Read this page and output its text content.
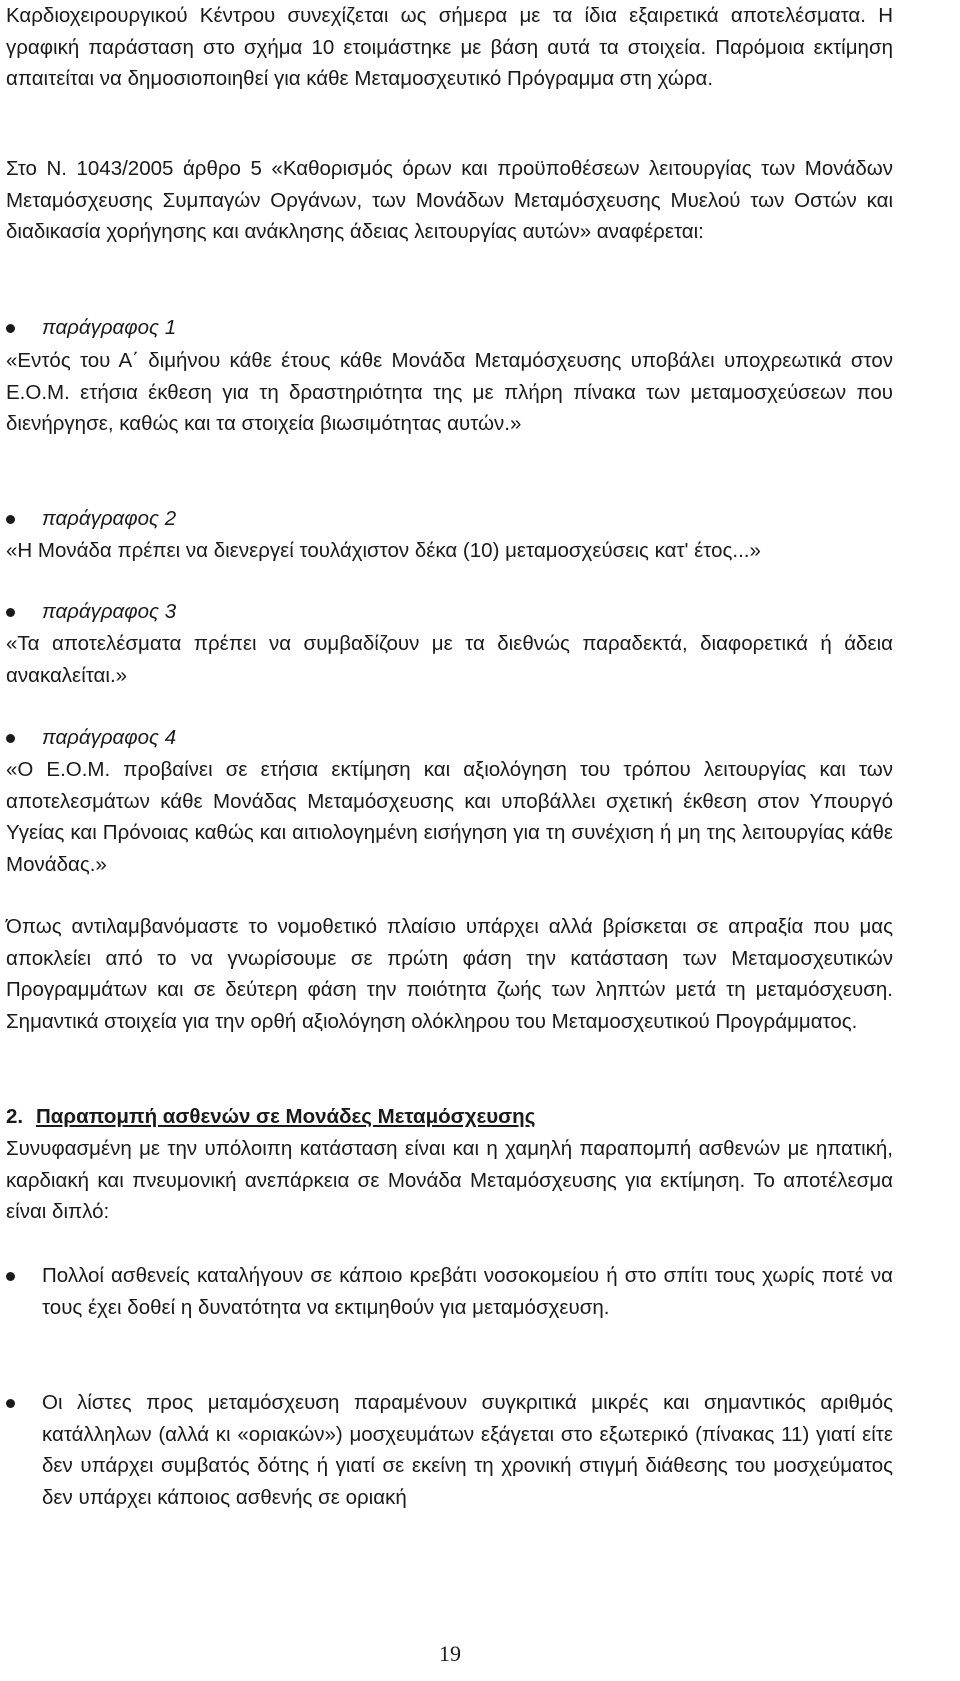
Καρδιοχειρουργικού Κέντρου συνεχίζεται ως σήμερα με τα ίδια εξαιρετικά αποτελέσματα. Η γραφική παράσταση στο σχήμα 10 ετοιμάστηκε με βάση αυτά τα στοιχεία. Παρόμοια εκτίμηση απαιτείται να δημοσιοποιηθεί για κάθε Μεταμοσχευτικό Πρόγραμμα στη χώρα.

Στο Ν. 1043/2005 άρθρο 5 «Καθορισμός όρων και προϋποθέσεων λειτουργίας των Μονάδων Μεταμόσχευσης Συμπαγών Οργάνων, των Μονάδων Μεταμόσχευσης Μυελού των Οστών και διαδικασία χορήγησης και ανάκλησης άδειας λειτουργίας αυτών» αναφέρεται:

παράγραφος 1

«Εντός του Α΄ διμήνου κάθε έτους κάθε Μονάδα Μεταμόσχευσης υποβάλει υποχρεωτικά στον Ε.Ο.Μ. ετήσια έκθεση για τη δραστηριότητα της με πλήρη πίνακα των μεταμοσχεύσεων που διενήργησε, καθώς και τα στοιχεία βιωσιμότητας αυτών.»

παράγραφος 2

«Η Μονάδα πρέπει να διενεργεί τουλάχιστον δέκα (10) μεταμοσχεύσεις κατ' έτος...»

παράγραφος 3

«Τα αποτελέσματα πρέπει να συμβαδίζουν με τα διεθνώς παραδεκτά, διαφορετικά ή άδεια ανακαλείται.»

παράγραφος 4

«Ο Ε.Ο.Μ. προβαίνει σε ετήσια εκτίμηση και αξιολόγηση του τρόπου λειτουργίας και των αποτελεσμάτων κάθε Μονάδας Μεταμόσχευσης και υποβάλλει σχετική έκθεση στον Υπουργό Υγείας και Πρόνοιας καθώς και αιτιολογημένη εισήγηση για τη συνέχιση ή μη της λειτουργίας κάθε Μονάδας.»

Όπως αντιλαμβανόμαστε το νομοθετικό πλαίσιο υπάρχει αλλά βρίσκεται σε απραξία που μας αποκλείει από το να γνωρίσουμε σε πρώτη φάση την κατάσταση των Μεταμοσχευτικών Προγραμμάτων και σε δεύτερη φάση την ποιότητα ζωής των ληπτών μετά τη μεταμόσχευση. Σημαντικά στοιχεία για την ορθή αξιολόγηση ολόκληρου του Μεταμοσχευτικού Προγράμματος.

2. Παραπομπή ασθενών σε Μονάδες Μεταμόσχευσης

Συνυφασμένη με την υπόλοιπη κατάσταση είναι και η χαμηλή παραπομπή ασθενών με ηπατική, καρδιακή και πνευμονική ανεπάρκεια σε Μονάδα Μεταμόσχευσης για εκτίμηση. Το αποτέλεσμα είναι διπλό:

Πολλοί ασθενείς καταλήγουν σε κάποιο κρεβάτι νοσοκομείου ή στο σπίτι τους χωρίς ποτέ να τους έχει δοθεί η δυνατότητα να εκτιμηθούν για μεταμόσχευση.

Οι λίστες προς μεταμόσχευση παραμένουν συγκριτικά μικρές και σημαντικός αριθμός κατάλληλων (αλλά κι «οριακών») μοσχευμάτων εξάγεται στο εξωτερικό (πίνακας 11) γιατί είτε δεν υπάρχει συμβατός δότης ή γιατί σε εκείνη τη χρονική στιγμή διάθεσης του μοσχεύματος δεν υπάρχει κάποιος ασθενής σε οριακή

19
